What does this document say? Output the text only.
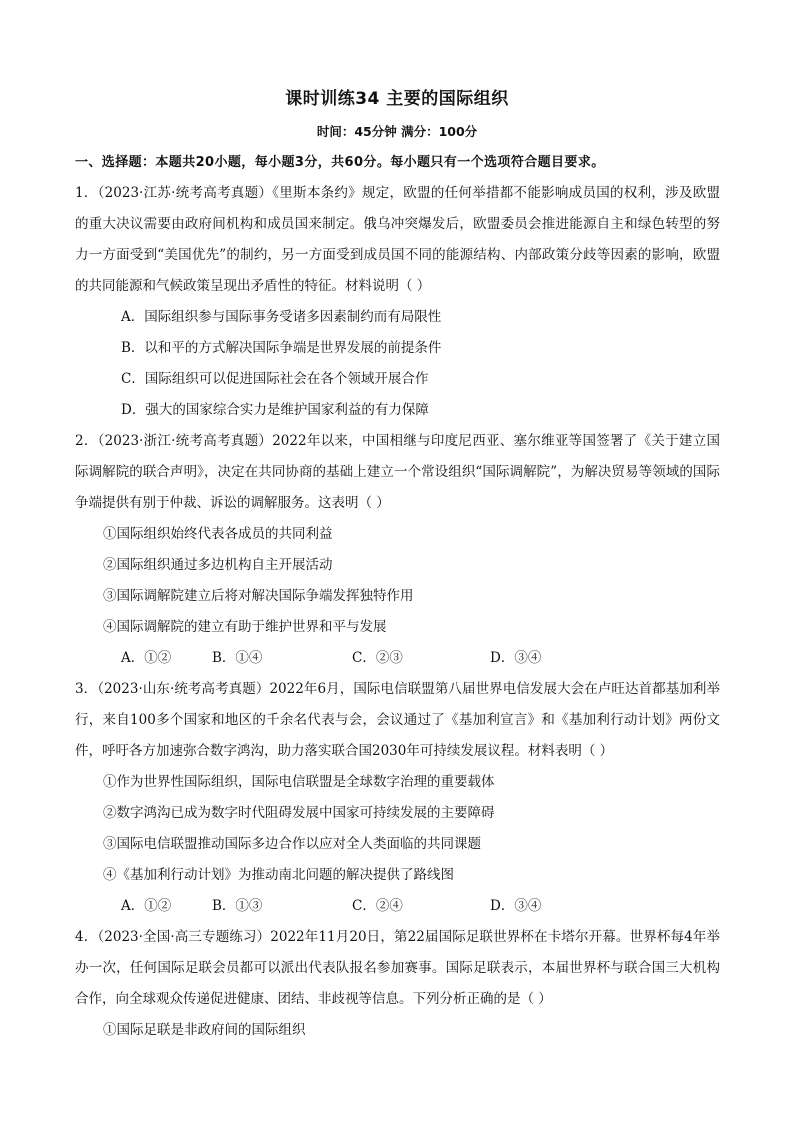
课时训练34 主要的国际组织
时间：45分钟 满分：100分
一、选择题：本题共20小题，每小题3分，共60分。每小题只有一个选项符合题目要求。
1．（2023·江苏·统考高考真题）《里斯本条约》规定，欧盟的任何举措都不能影响成员国的权利，涉及欧盟的重大决议需要由政府间机构和成员国来制定。俄乌冲突爆发后，欧盟委员会推进能源自主和绿色转型的努力一方面受到“美国优先”的制约，另一方面受到成员国不同的能源结构、内部政策分歧等因素的影响，欧盟的共同能源和气候政策呈现出矛盾性的特征。材料说明（ ）
A．国际组织参与国际事务受诸多因素制约而有局限性
B．以和平的方式解决国际争端是世界发展的前提条件
C．国际组织可以促进国际社会在各个领域开展合作
D．强大的国家综合实力是维护国家利益的有力保障
2．（2023·浙江·统考高考真题）2022年以来，中国相继与印度尼西亚、塞尔维亚等国签署了《关于建立国际调解院的联合声明》，决定在共同协商的基础上建立一个常设组织“国际调解院”，为解决贸易等领域的国际争端提供有别于仲裁、诉讼的调解服务。这表明（ ）
①国际组织始终代表各成员的共同利益
②国际组织通过多边机构自主开展活动
③国际调解院建立后将对解决国际争端发挥独特作用
④国际调解院的建立有助于维护世界和平与发展
A．①②	B．①④	C．②③	D．③④
3．（2023·山东·统考高考真题）2022年6月，国际电信联盟第八届世界电信发展大会在卢旺达首都基加利举行，来自100多个国家和地区的千余名代表与会，会议通过了《基加利宣言》和《基加利行动计划》两份文件，呼吁各方加速弥合数字鸿沟，助力落实联合国2030年可持续发展议程。材料表明（ ）
①作为世界性国际组织，国际电信联盟是全球数字治理的重要载体
②数字鸿沟已成为数字时代阻碍发展中国家可持续发展的主要障碍
③国际电信联盟推动国际多边合作以应对全人类面临的共同课题
④《基加利行动计划》为推动南北问题的解决提供了路线图
A．①②	B．①③	C．②④	D．③④
4．（2023·全国·高三专题练习）2022年11月20日，第22届国际足联世界杯在卡塔尔开幕。世界杯每4年举办一次，任何国际足联会员都可以派出代表队报名参加赛事。国际足联表示，本届世界杯与联合国三大机构合作，向全球观众传递促进健康、团结、非歧视等信息。下列分析正确的是（ ）
①国际足联是非政府间的国际组织
